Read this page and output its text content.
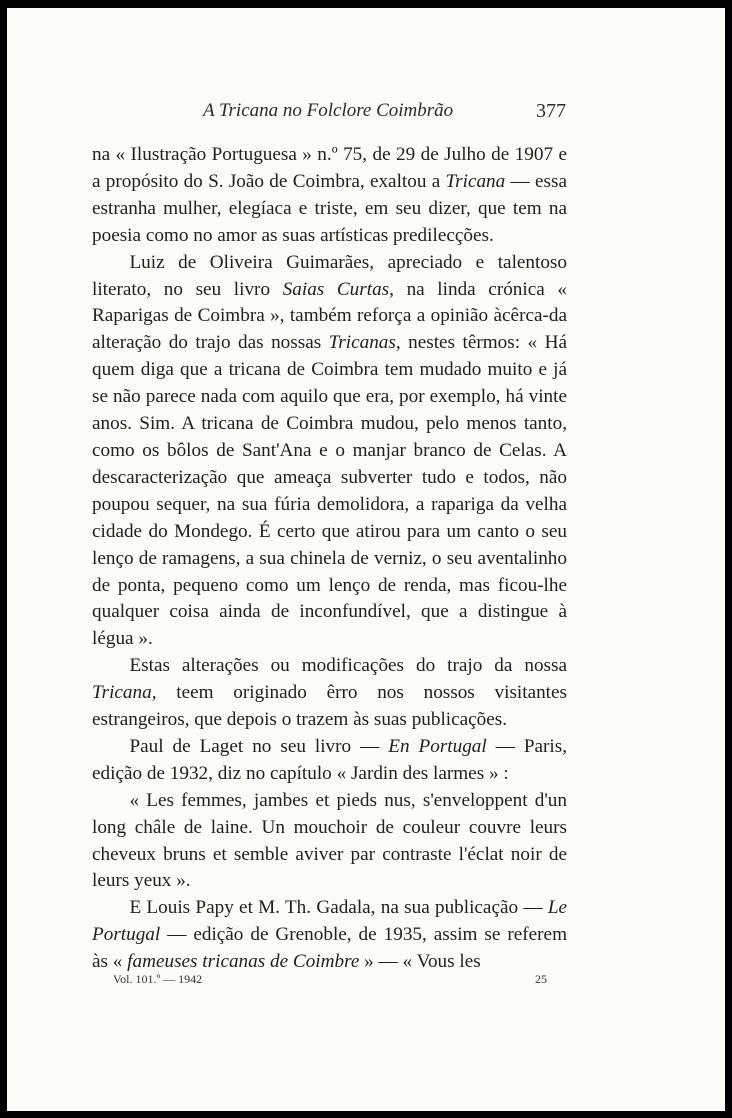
A Tricana no Folclore Coimbrão	377

na « Ilustração Portuguesa » n.º 75, de 29 de Julho de 1907 e a propósito do S. João de Coimbra, exaltou a Tricana — essa estranha mulher, elegíaca e triste, em seu dizer, que tem na poesia como no amor as suas artísticas predilecções.

Luiz de Oliveira Guimarães, apreciado e talentoso literato, no seu livro Saias Curtas, na linda crónica « Raparigas de Coimbra », também reforça a opinião àcêrca-da alteração do trajo das nossas Tricanas, nestes têrmos: « Há quem diga que a tricana de Coimbra tem mudado muito e já se não parece nada com aquilo que era, por exemplo, há vinte anos. Sim. A tricana de Coimbra mudou, pelo menos tanto, como os bôlos de Sant'Ana e o manjar branco de Celas. A descaracterização que ameaça subverter tudo e todos, não poupou sequer, na sua fúria demolidora, a rapariga da velha cidade do Mondego. É certo que atirou para um canto o seu lenço de ramagens, a sua chinela de verniz, o seu aventalinho de ponta, pequeno como um lenço de renda, mas ficou-lhe qualquer coisa ainda de inconfundível, que a distingue à légua ».

Estas alterações ou modificações do trajo da nossa Tricana, teem originado êrro nos nossos visitantes estrangeiros, que depois o trazem às suas publicações.

Paul de Laget no seu livro — En Portugal — Paris, edição de 1932, diz no capítulo « Jardin des larmes » :

« Les femmes, jambes et pieds nus, s'enveloppent d'un long châle de laine. Un mouchoir de couleur couvre leurs cheveux bruns et semble aviver par contraste l'éclat noir de leurs yeux ».

E Louis Papy et M. Th. Gadala, na sua publicação — Le Portugal — edição de Grenoble, de 1935, assim se referem às « fameuses tricanas de Coimbre » — « Vous les

Vol. 101.º — 1942	25
